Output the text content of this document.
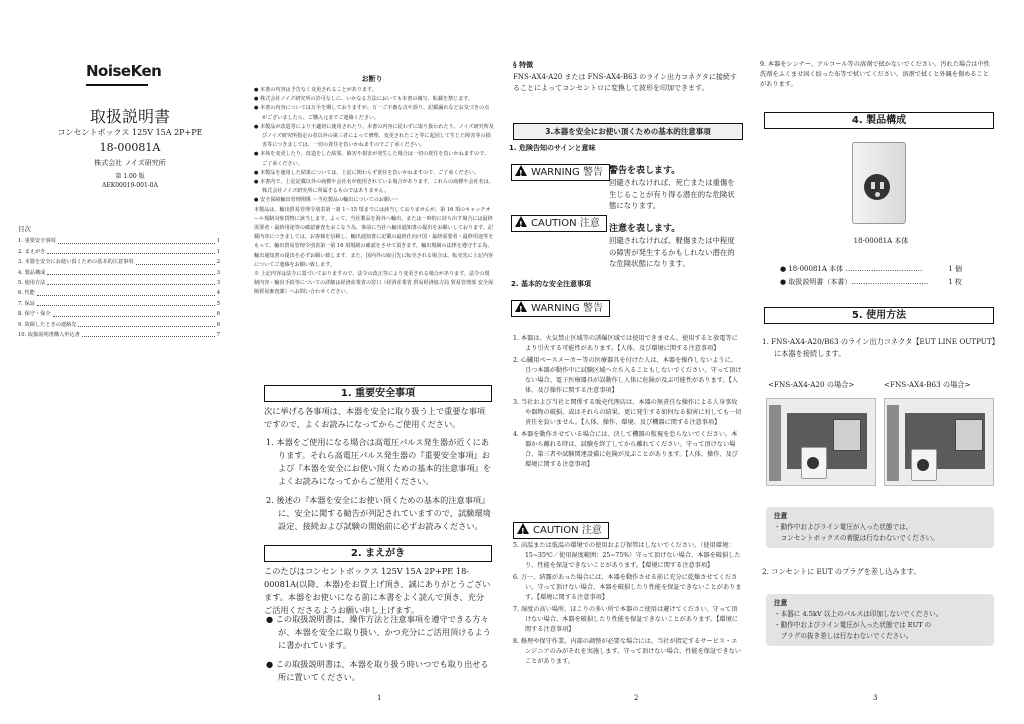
NoiseKen
取扱説明書
コンセントボックス 125V 15A 2P+PE
18-00081A
株式会社 ノイズ研究所
第 1.00 版
AEK00019-001-0A
目次
1. 重要安全事項	1
2. まえがき	1
3. 本器を安全にお使い頂くための基本的注意事項	2
4. 製品構成	3
5. 使用方法	3
6. 性能	4
7. 保証	5
8. 保守・保全	6
9. 故障したときの連絡先	6
10. 取扱説明書購入申込書	7
お断り

● 本書の内容は予告なく変更されることがあります。

● 株式会社ノイズ研究所の許可なしに、いかなる方法においても本書の複写、転載を禁じます。

● 本書の内容については万全を期しておりますが、万一ご不審な点や誤り、記載漏れなどお気づきの点がございましたら、ご購入元までご連絡ください。

● 本製品が改造等により不適切に使用されたり、本書の内容に従わずに取り扱われたり、ノイズ研究所及びノイズ研究所指定の者以外の第三者によって修理、変更されたこと等に起因して生じた障害等の損害等につきましては、一切の責任を負いかねますのでご了承ください。

● 本体を変更したり、改造をした結果、障害や損害が発生した場合は一切の責任を負いかねますので、ご了承ください。

● 本製品を運用した結果については、上記に関わらず責任を負いかねますので、ご了承ください。

● 本書内で、上記記載以外の商標や会社名が使用されている場合があります。これらの商標や会社名は、株式会社ノイズ研究所に所属するものではありません。

● 安全保障輸出管理関係 ～当社製品の輸出についてのお願い～

本製品は、輸出貿易管理令別表第一第 1～15 項までには該当しておりませんが、第 16 項のキャッチオール規制対象貨物に該当します。よって、当社製品を海外へ輸出、または一時的に持ち出す場合には最終需要者・最終用途等の確認審査をおこなう為、事前に当社へ輸出通知書の提出をお願いしております。記載内容につきましては、お客様を信頼し、輸出通知書に記載の最終仕向け国・最終需要者・最終用途等をもって、輸出貿易管理令別表第一第 16 項規制の確認をさせて頂きます。輸出規制の法律を遵守する為、輸出通知書の提出を必ずお願い致します。また、国内外の取引先に転売される場合は、転売先に上記内容についてご連絡をお願い致します。

※ 上記内容は法令に基づいておりますので、法令の改正等により変更される場合があります。法令の規制内容・輸出手続等についての詳細は経済産業省の窓口（経済産業省 貿易経済協力局 貿易管理部 安全保障貿易審査課）へお問い合わせください。

1. 重要安全事項
次に挙げる各事項は、本器を安全に取り扱う上で重要な事項ですので、よくお読みになってからご使用ください。

1. 本器をご使用になる場合は高電圧パルス発生器が近くにあります。それら高電圧パルス発生器の『重要安全事項』および『本器を安全にお使い頂くための基本的注意事項』をよくお読みになってからご使用ください。

2. 後述の『本器を安全にお使い頂くための基本的注意事項』に、安全に関する勧告が列記されていますので、試験環境設定、接続および試験の開始前に必ずお読みください。

2. まえがき
このたびはコンセントボックス 125V 15A 2P+PE 18-00081A(以降、本器)をお買上げ頂き、誠にありがとうございます。本器をお使いになる前に本書をよく読んで頂き、充分ご活用くださるようお願い申し上げます。

● この取扱説明書は、操作方法と注意事項を遵守できる方々が、本器を安全に取り扱い、かつ充分にご活用頂けるように書かれています。

● この取扱説明書は、本器を取り扱う時いつでも取り出せる所に置いてください。

1
§ 特徴
FNS-AX4-A20 または FNS-AX4-B63 のライン出力コネクタに接続することによってコンセントロに変換して波形を印加できます。
3.本器を安全にお使い頂くための基本的注意事項
1. 危険告知のサインと意味
!WARNING 警告 警告を表します。
回避されなければ、死亡または重傷を生じることが有り得る潜在的な危険状態になります。
!CAUTION 注意	注意を表します。
回避されなければ、軽傷または中程度の障害が発生するかもしれない潜在的な危険状態になります。
2. 基本的な安全注意事項
!WARNING 警告

1. 本器は、火気禁止区域等の誘爆区域では使用できません。使用すると放電等により引火する可能性があります。【人体、及び環境に関する注意事項】

2. 心臓用ペースメーカー等の医療器具を付けた人は、本器を操作しないように、且つ本器が動作中に試験区域へ立ち入ることもしないでください。守って頂けない場合、電子医療器具が誤動作し人体に危険が及ぶ可能性があります。【人体、及び操作に関する注意事項】

3. 当社および当社と関係する販売代理店は、本器の無責任な操作による人身事故や器物の破損、或はそれらの結果、更に発生する如何なる損害に対しても一切責任を負いません。【人体、操作、環境、及び機器に関する注意事項】

4. 本器を動作させている場合には、決して機器の監視を怠らないでください。本器から離れる時は、試験を終了してから離れてください。守って頂けない場合、第三者や試験関連設備に危険が及ぶことがあります。【人体、操作、及び環境に関する注意事項】

!CAUTION 注意

5. 高温または低温の環境での使用および保管はしないでください。（使用環境：15~35℃／使用湿度範囲：25~75%）守って頂けない場合、本器を破損したり、性能を保証できないことがあります。【環境に関する注意事項】

6. 万一、結露があった場合には、本器を動作させる前に充分に乾燥させてください。守って頂けない場合、本器を破損したり性能を保証できないことがあります。【環境に関する注意事項】

7. 湿度の高い場所、ほこりの多い所で本器のご使用は避けてください。守って頂けない場合、本器を破損したり性能を保証できないことがあります。【環境に関する注意事項】

8. 修理や保守作業、内部の調整が必要な場合には、当社が指定するサービス・エンジニアのみがそれを実施します。守って頂けない場合、性能を保証できないことがあります。

2
9. 本器をシンナー、アルコール等の溶剤で拭かないでください。汚れた場合は中性洗剤をふくませ固く絞った布等で拭いてください。溶剤で拭くと外観を傷めることがあります。
4. 製品構成
18-00081A 本体
● 18-00081A 本体 ……………………………	1 個
● 取扱説明書（本書）……………………………	1 枚
5. 使用方法
1. FNS-AX4-A20/B63 のライン出力コネクタ【EUT LINE OUTPUT】に本器を接続します。
<FNS-AX4-A20 の場合>	<FNS-AX4-B63 の場合>
注意
・動作中およびライン電圧が入った状態では、
　コンセントボックスの着脱は行なわないでください。
2. コンセントに EUT のプラグを差し込みます。
注意
・本器に 4.5kV 以上のパルスは印加しないでください。
・動作中およびライン電圧が入った状態では EUT の
　プラグの抜き差しは行なわないでください。
3
